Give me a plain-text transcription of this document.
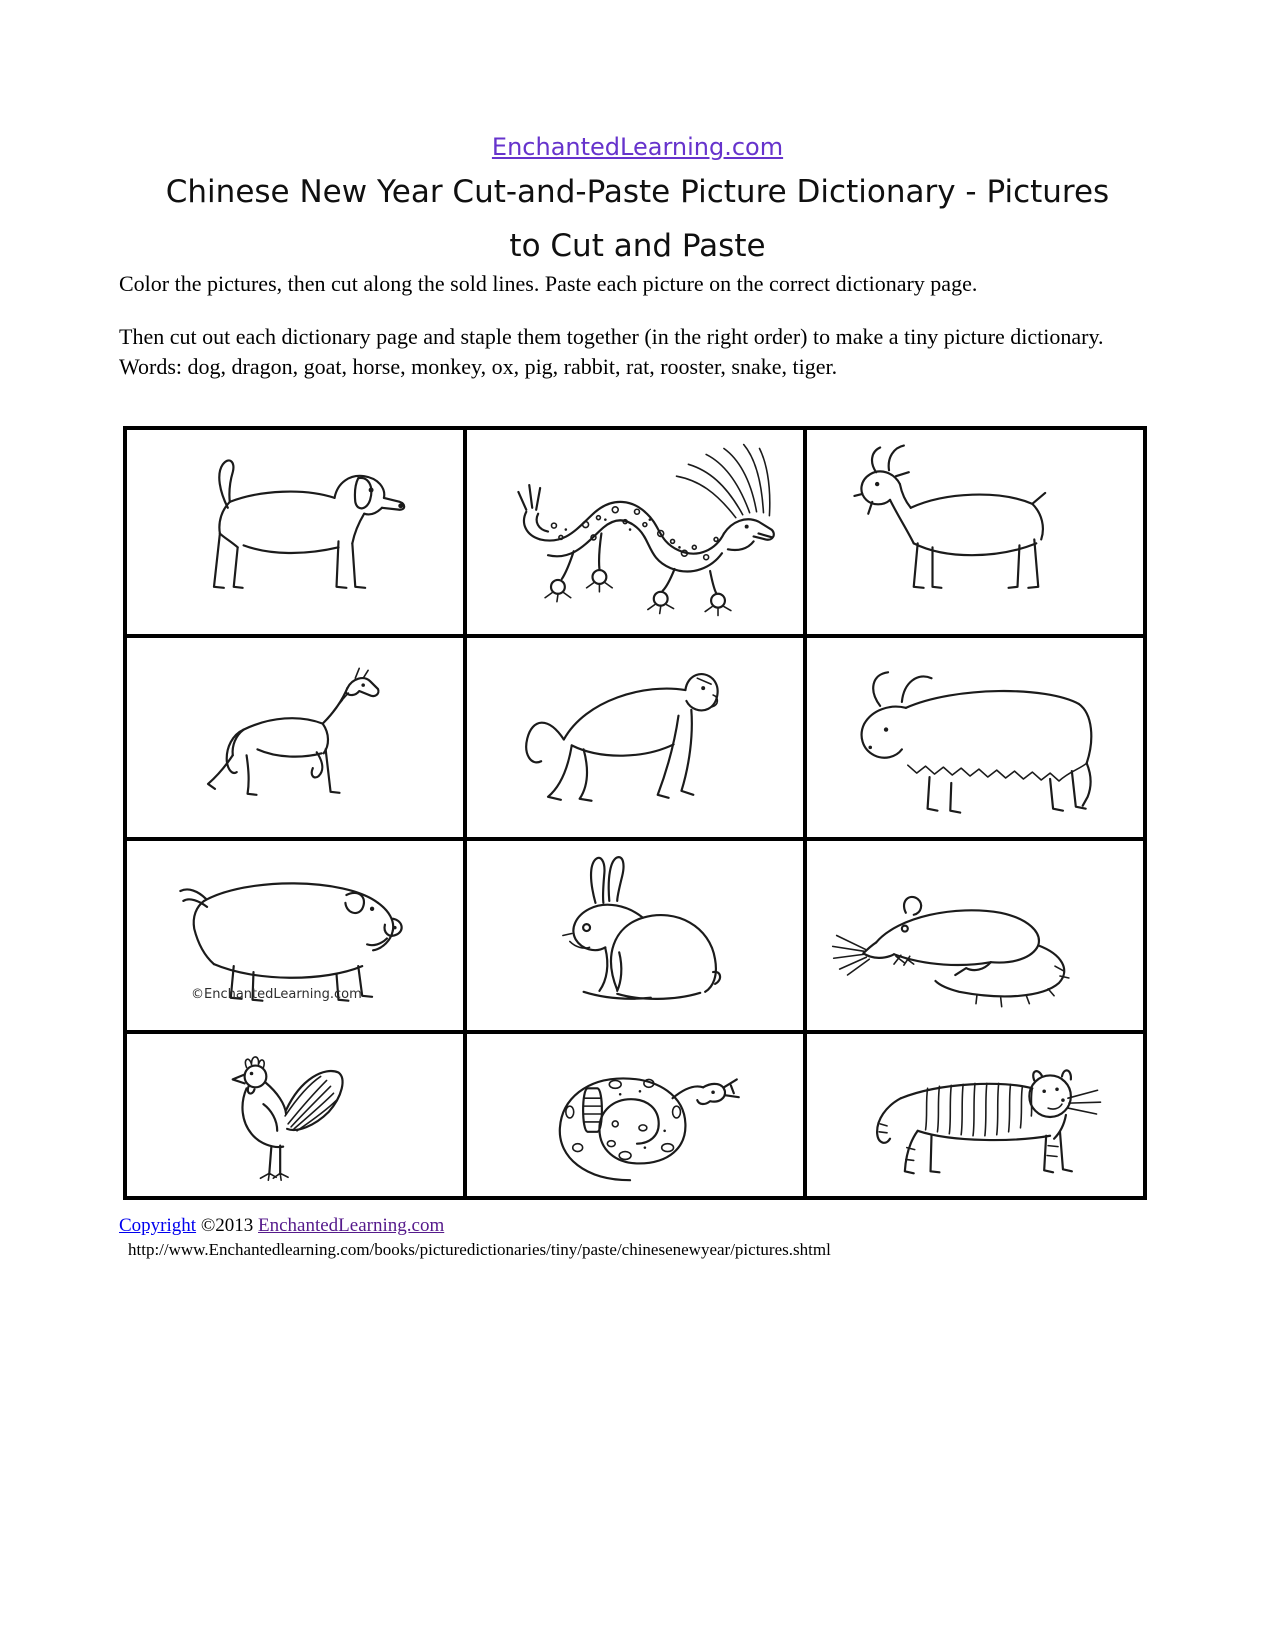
EnchantedLearning.com
Chinese New Year Cut-and-Paste Picture Dictionary - Pictures
to Cut and Paste
Color the pictures, then cut along the sold lines. Paste each picture on the correct dictionary page.
Then cut out each dictionary page and staple them together (in the right order) to make a tiny picture dictionary. Words: dog, dragon, goat, horse, monkey, ox, pig, rabbit, rat, rooster, snake, tiger.

©EnchantedLearning.com

Copyright ©2013 EnchantedLearning.com
http://www.Enchantedlearning.com/books/picturedictionaries/tiny/paste/chinesenewyear/pictures.shtml
